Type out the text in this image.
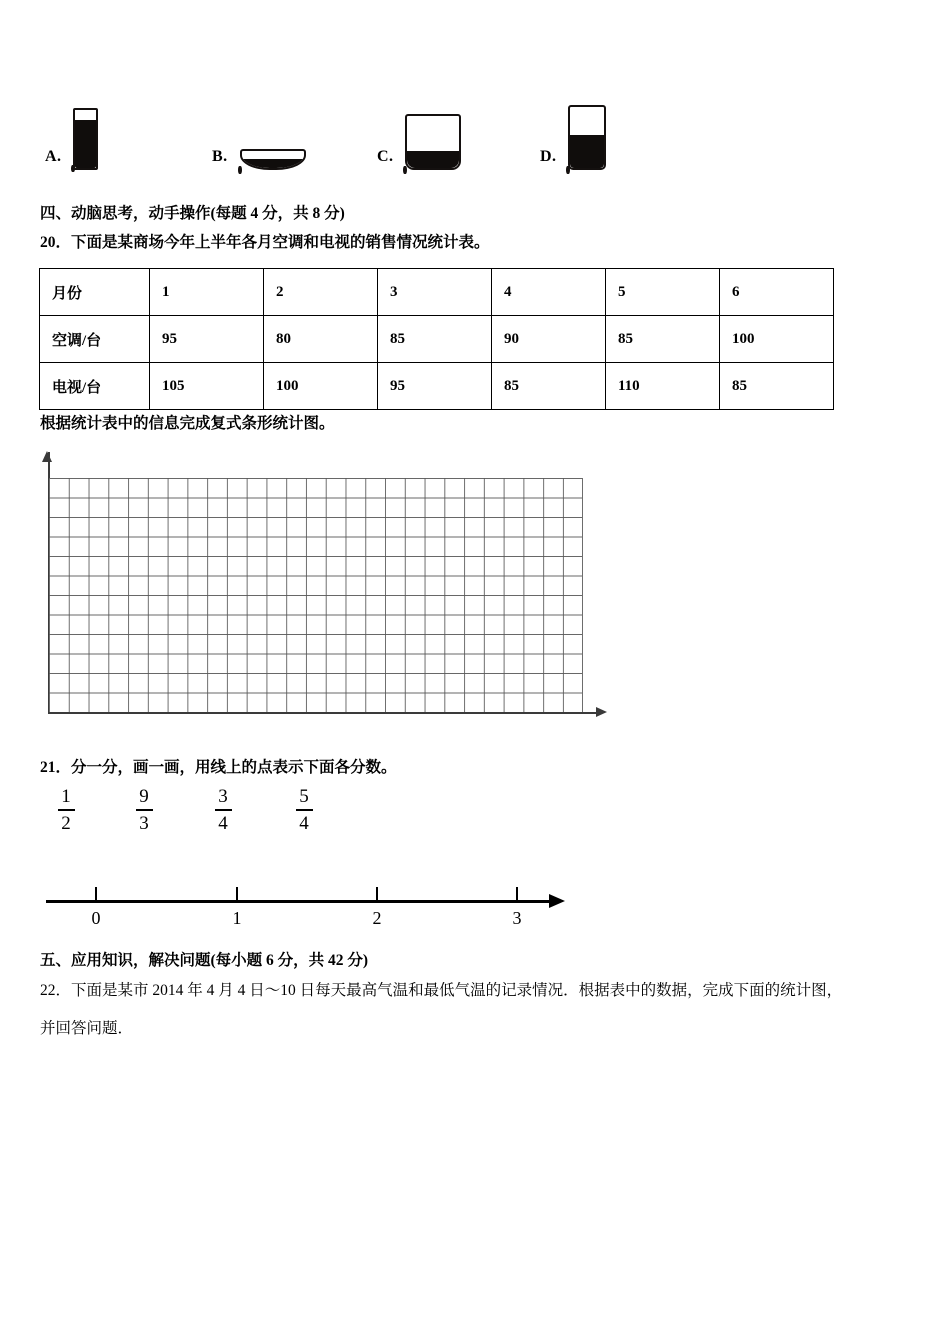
A.	B.	C.	D.
四、动脑思考，动手操作(每题 4 分，共 8 分)
20．下面是某商场今年上半年各月空调和电视的销售情况统计表。
月份	1	2	3	4	5	6
空调/台	95	80	85	90	85	100
电视/台	105	100	95	85	110	85
根据统计表中的信息完成复式条形统计图。
21．分一分，画一画，用线上的点表示下面各分数。
1
2
9
3
3
4
5
4
0	1	2	3
五、应用知识，解决问题(每小题 6 分，共 42 分)
22．下面是某市 2014 年 4 月 4 日～10 日每天最高气温和最低气温的记录情况．根据表中的数据，完成下面的统计图，
并回答问题．
